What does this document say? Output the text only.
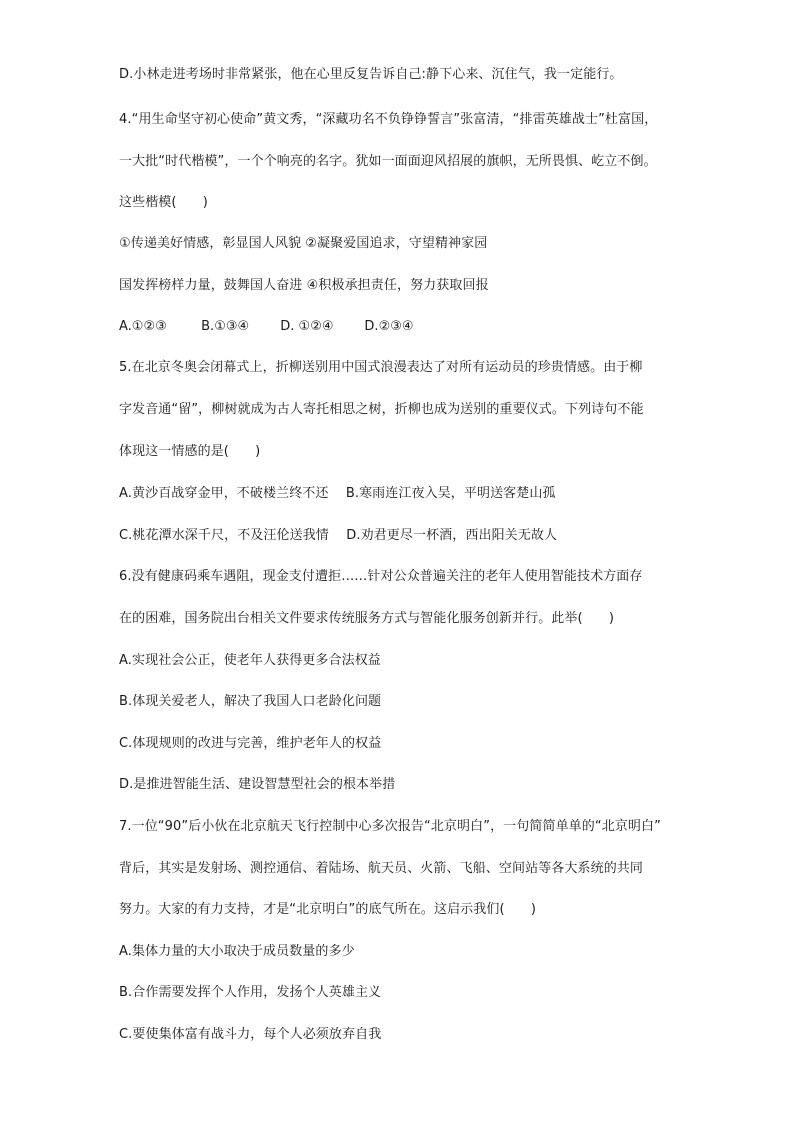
D.小林走进考场时非常紧张，他在心里反复告诉自己:静下心来、沉住气，我一定能行。
4.“用生命坚守初心使命”黄文秀，“深藏功名不负铮铮誓言”张富清，“排雷英雄战士”杜富国，
一大批“时代楷模”，一个个响亮的名字。犹如一面面迎风招展的旗帜，无所畏惧、屹立不倒。
这些楷模(　　)
①传递美好情感，彰显国人风貌 ②凝聚爱国追求，守望精神家园
国发挥榜样力量，鼓舞国人奋进 ④积极承担责任，努力获取回报
A.①②③	B.①③④ D. ①②④ D.②③④
5.在北京冬奥会闭幕式上，折柳送别用中国式浪漫表达了对所有运动员的珍贵情感。由于柳
字发音通“留”，柳树就成为古人寄托相思之树，折柳也成为送别的重要仪式。下列诗句不能
体现这一情感的是(　　)
A.黄沙百战穿金甲，不破楼兰终不还　 B.寒雨连江夜入吴，平明送客楚山孤
C.桃花潭水深千尺，不及汪伦送我情　 D.劝君更尽一杯酒，西出阳关无故人
6.没有健康码乘车遇阻，现金支付遭拒……针对公众普遍关注的老年人使用智能技术方面存
在的困难，国务院出台相关文件要求传统服务方式与智能化服务创新并行。此举(　　)
A.实现社会公正，使老年人获得更多合法权益
B.体现关爱老人，解决了我国人口老龄化问题
C.体现规则的改进与完善，维护老年人的权益
D.是推进智能生活、建设智慧型社会的根本举措
7.一位“90”后小伙在北京航天飞行控制中心多次报告“北京明白”，一句简简单单的“北京明白”
背后，其实是发射场、测控通信、着陆场、航天员、火箭、飞船、空间站等各大系统的共同
努力。大家的有力支持，才是“北京明白”的底气所在。这启示我们(　　)
A.集体力量的大小取决于成员数量的多少
B.合作需要发挥个人作用，发扬个人英雄主义
C.要使集体富有战斗力，每个人必须放弃自我
